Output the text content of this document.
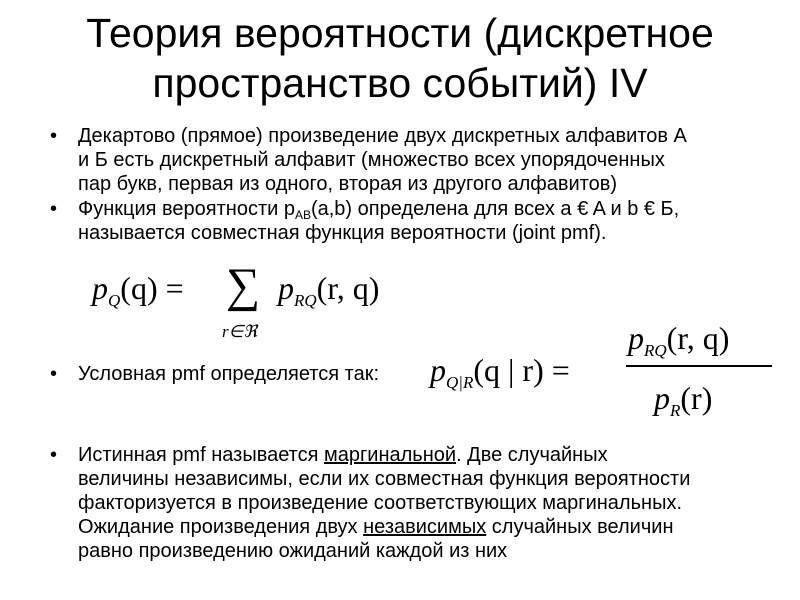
Теория вероятности (дискретное
пространство событий) IV
• Декартово (прямое) произведение двух дискретных алфавитов А
и Б есть дискретный алфавит (множество всех упорядоченных
пар букв, первая из одного, вторая из другого алфавитов)
• Функция вероятности $p_{AB}(a,b)$ определена для всех a € A и b € Б,
называется совместная функция вероятности (joint pmf).
$p_Q(q)$ = ∑
r∈ℜ
$p_{RQ}(r$, q)
• Условная pmf определяется так: $p_{Q|R}(q$ | r) =
$p_{RQ}(r$, q)
$p_R(r)$
• Истинная pmf называется маргинальной. Две случайных
величины независимы, если их совместная функция вероятности
факторизуется в произведение соответствующих маргинальных.
Ожидание произведения двух независимых случайных величин
равно произведению ожиданий каждой из них
